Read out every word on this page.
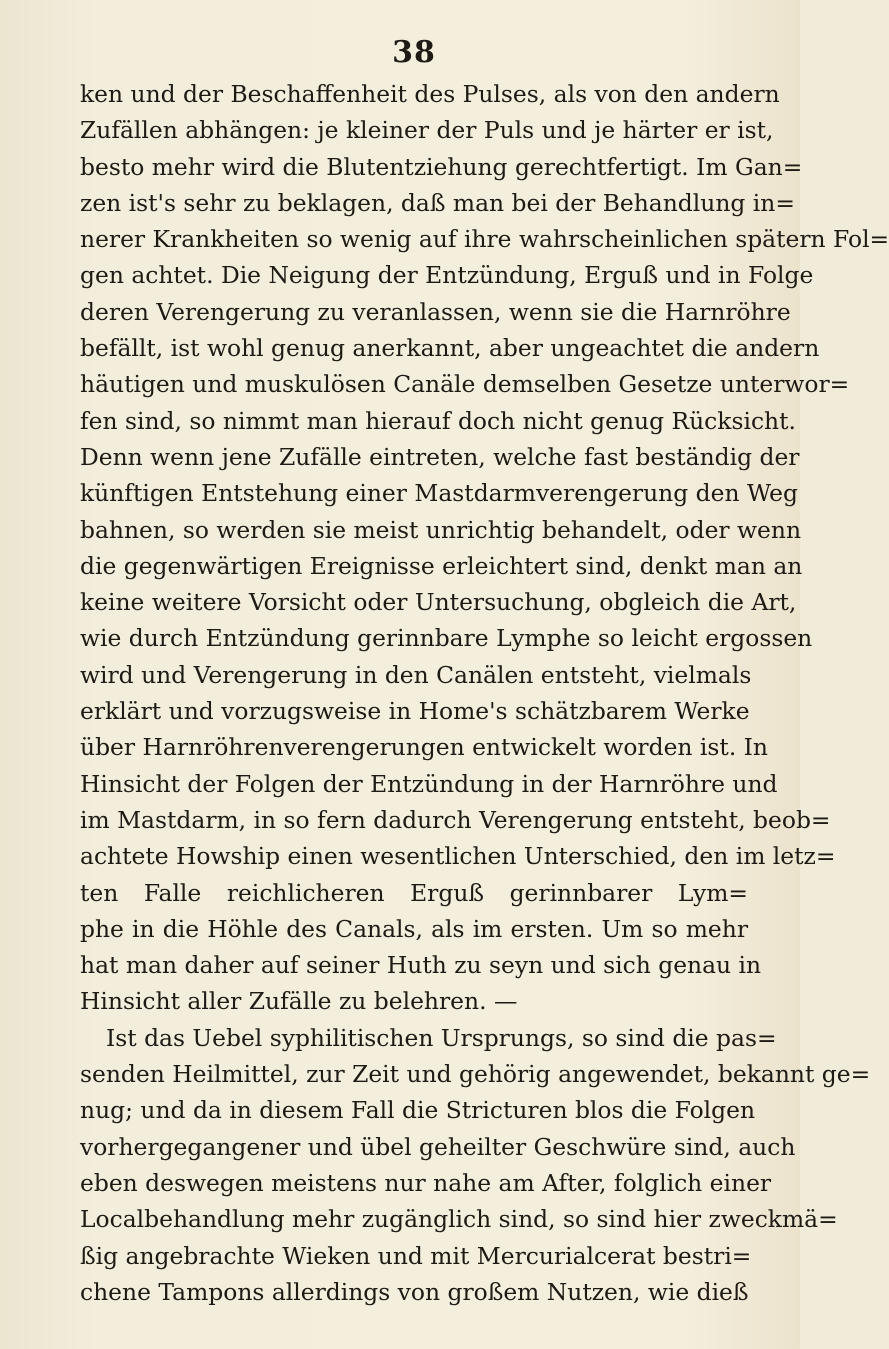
38
ken und der Beschaffenheit des Pulses, als von den andern
Zufällen abhängen: je kleiner der Puls und je härter er ist,
besto mehr wird die Blutentziehung gerechtfertigt. Im Gan=
zen ist's sehr zu beklagen, daß man bei der Behandlung in=
nerer Krankheiten so wenig auf ihre wahrscheinlichen spätern Fol=
gen achtet. Die Neigung der Entzündung, Erguß und in Folge
deren Verengerung zu veranlassen, wenn sie die Harnröhre
befällt, ist wohl genug anerkannt, aber ungeachtet die andern
häutigen und muskulösen Canäle demselben Gesetze unterwor=
fen sind, so nimmt man hierauf doch nicht genug Rücksicht.
Denn wenn jene Zufälle eintreten, welche fast beständig der
künftigen Entstehung einer Mastdarmverengerung den Weg
bahnen, so werden sie meist unrichtig behandelt, oder wenn
die gegenwärtigen Ereignisse erleichtert sind, denkt man an
keine weitere Vorsicht oder Untersuchung, obgleich die Art,
wie durch Entzündung gerinnbare Lymphe so leicht ergossen
wird und Verengerung in den Canälen entsteht, vielmals
erklärt und vorzugsweise in Home's schätzbarem Werke
über Harnröhrenverengerungen entwickelt worden ist. In
Hinsicht der Folgen der Entzündung in der Harnröhre und
im Mastdarm, in so fern dadurch Verengerung entsteht, beob=
achtete Howship einen wesentlichen Unterschied, den im letz=
ten Falle reichlicheren Erguß gerinnbarer Lym=
phe in die Höhle des Canals, als im ersten. Um so mehr
hat man daher auf seiner Huth zu seyn und sich genau in
Hinsicht aller Zufälle zu belehren. —
Ist das Uebel syphilitischen Ursprungs, so sind die pas=
senden Heilmittel, zur Zeit und gehörig angewendet, bekannt ge=
nug; und da in diesem Fall die Stricturen blos die Folgen
vorhergegangener und übel geheilter Geschwüre sind, auch
eben deswegen meistens nur nahe am After, folglich einer
Localbehandlung mehr zugänglich sind, so sind hier zweckmä=
ßig angebrachte Wieken und mit Mercurialcerat bestri=
chene Tampons allerdings von großem Nutzen, wie dieß
